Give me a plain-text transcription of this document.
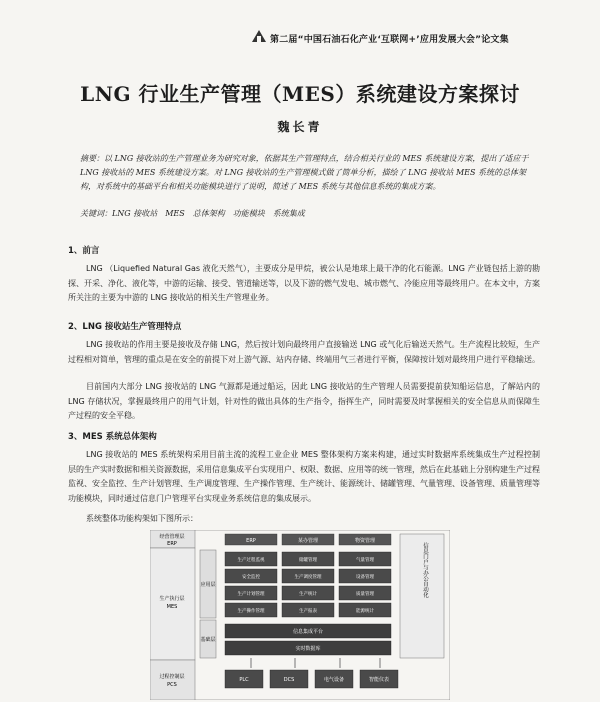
第二届“中国石油石化产业‘互联网+’应用发展大会”论文集
LNG 行业生产管理（MES）系统建设方案探讨
魏长青
摘要：以 LNG 接收站的生产管理业务为研究对象，依据其生产管理特点，结合相关行业的 MES 系统建设方案，提出了适应于 LNG 接收站的 MES 系统建设方案。对 LNG 接收站的生产管理模式做了简单分析，描绘了 LNG 接收站 MES 系统的总体架构，对系统中的基础平台和相关功能模块进行了说明，简述了 MES 系统与其他信息系统的集成方案。
关键词：LNG 接收站　MES　总体架构　功能模块　系统集成
1、前言
LNG （Liquefied Natural Gas 液化天然气），主要成分是甲烷，被公认是地球上最干净的化石能源。LNG 产业链包括上游的勘探、开采、净化、液化等，中游的运输、接受、管道输送等，以及下游的燃气发电、城市燃气、冷能应用等最终用户。在本文中，方案所关注的主要为中游的 LNG 接收站的相关生产管理业务。
2、LNG 接收站生产管理特点
LNG 接收站的作用主要是接收及存储 LNG，然后按计划向最终用户直接输送 LNG 或气化后输送天然气。生产流程比较短，生产过程相对简单，管理的重点是在安全的前提下对上游气源、站内存储、终端用气三者进行平衡，保障按计划对最终用户进行平稳输送。
目前国内大部分 LNG 接收站的 LNG 气源都是通过船运，因此 LNG 接收站的生产管理人员需要提前获知船运信息，了解站内的 LNG 存储状况，掌握最终用户的用气计划，针对性的做出具体的生产指令，指挥生产，同时需要及时掌握相关的安全信息从而保障生产过程的安全平稳。
3、MES 系统总体架构
LNG 接收站的 MES 系统架构采用目前主流的流程工业企业 MES 整体架构方案来构建，通过实时数据库系统集成生产过程控制层的生产实时数据和相关资源数据，采用信息集成平台实现用户、权限、数据、应用等的统一管理，然后在此基础上分别构建生产过程监视、安全监控、生产计划管理、生产调度管理、生产操作管理、生产统计、能源统计、储罐管理、气量管理、设备管理、质量管理等功能模块，同时通过信息门户管理平台实现业务系统信息的集成展示。
系统整体功能构架如下图所示：
经营管理层
ERP
生产执行层
MES
过程控制层
PCS
应用层
基础层
ERP	某办管理	物资管理
生产过程监视	储罐管理	气量管理
安全监控	生产调度管理	设备管理
生产计划管理	生产统计	质量管理
生产操作管理	生产报表	能源统计
信息集成平台
实时数据库
PLC	DCS	电气设备	智能仪表
信息门户与办公自动化
